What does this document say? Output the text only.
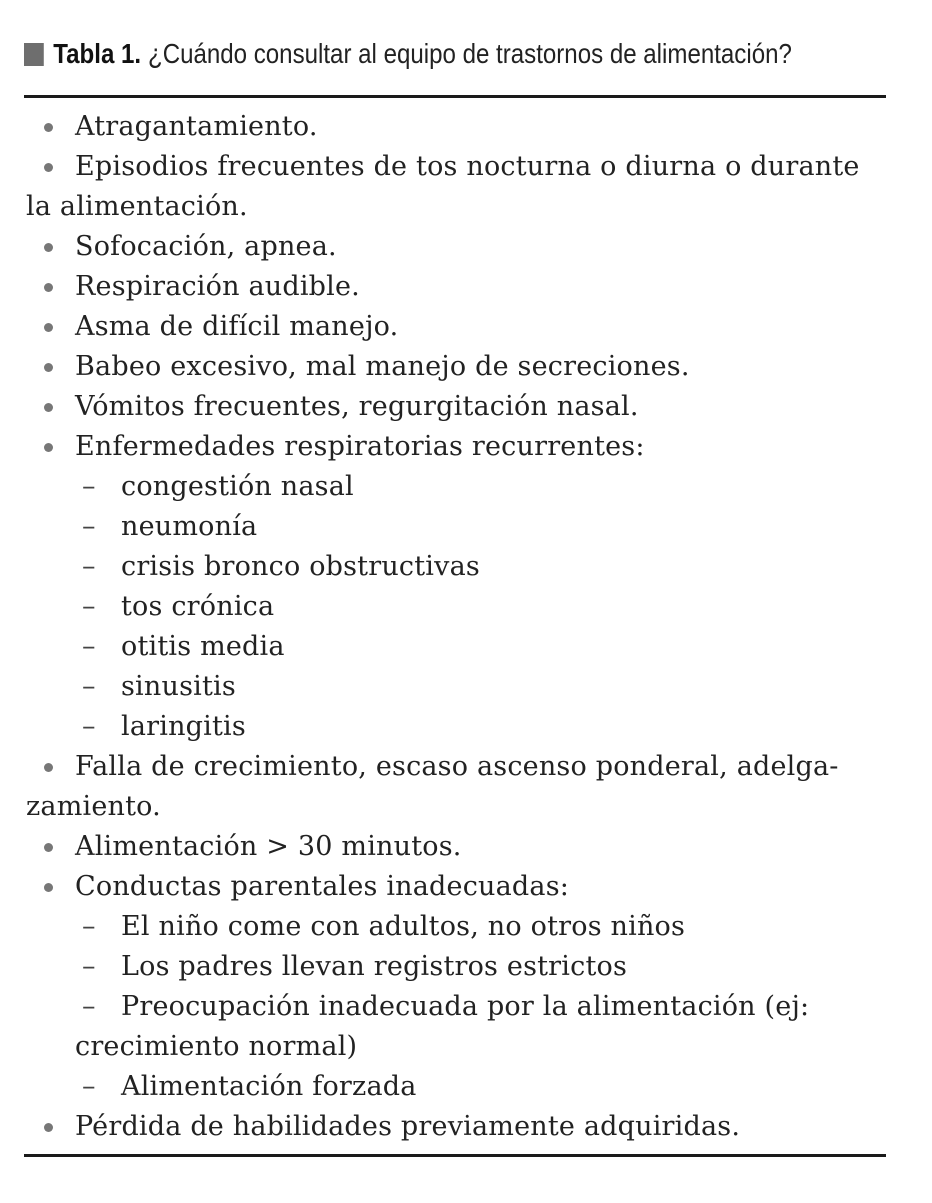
Tabla 1. ¿Cuándo consultar al equipo de trastornos de alimentación?
Atragantamiento.
Episodios frecuentes de tos nocturna o diurna o durante
la alimentación.
Sofocación, apnea.
Respiración audible.
Asma de difícil manejo.
Babeo excesivo, mal manejo de secreciones.
Vómitos frecuentes, regurgitación nasal.
Enfermedades respiratorias recurrentes:
– congestión nasal
– neumonía
– crisis bronco obstructivas
– tos crónica
– otitis media
– sinusitis
– laringitis
Falla de crecimiento, escaso ascenso ponderal, adelga-
zamiento.
Alimentación > 30 minutos.
Conductas parentales inadecuadas:
– El niño come con adultos, no otros niños
– Los padres llevan registros estrictos
– Preocupación inadecuada por la alimentación (ej:
crecimiento normal)
– Alimentación forzada
Pérdida de habilidades previamente adquiridas.
